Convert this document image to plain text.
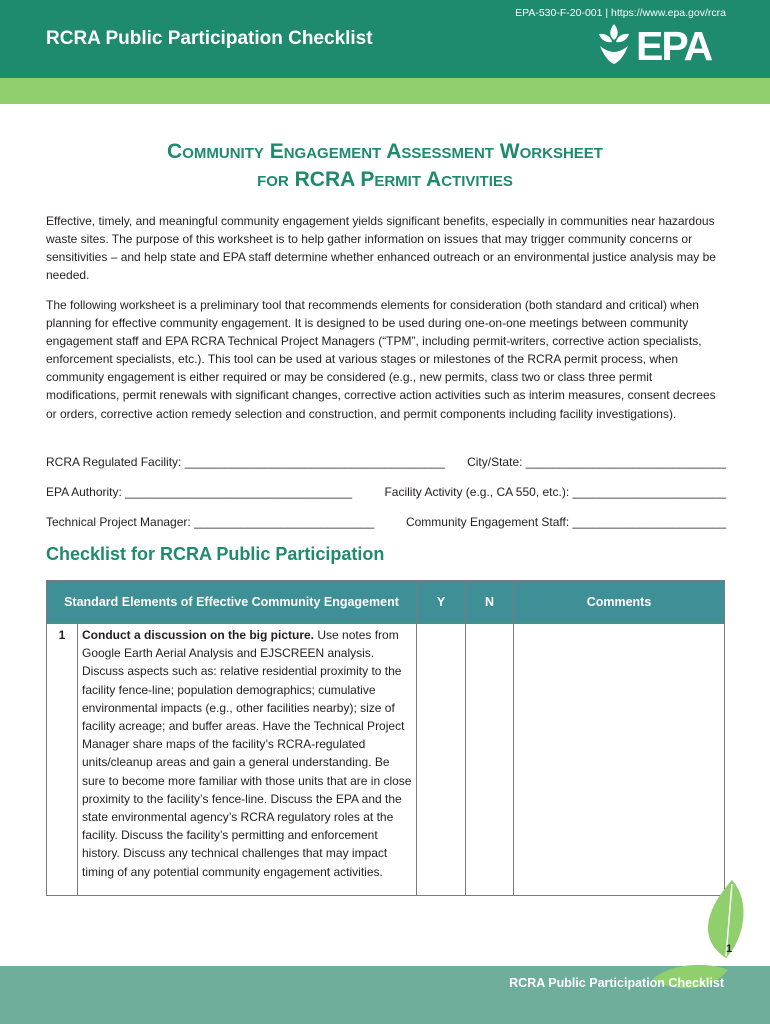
RCRA Public Participation Checklist	EPA
EPA-530-F-20-001 | https://www.epa.gov/rcra
Community Engagement Assessment Worksheet
for RCRA Permit Activities
Effective, timely, and meaningful community engagement yields significant benefits, especially in communities near hazardous waste sites. The purpose of this worksheet is to help gather information on issues that may trigger community concerns or sensitivities – and help state and EPA staff determine whether enhanced outreach or an environmental justice analysis may be needed.
The following worksheet is a preliminary tool that recommends elements for consideration (both standard and critical) when planning for effective community engagement. It is designed to be used during one-on-one meetings between community engagement staff and EPA RCRA Technical Project Managers (“TPM”, including permit-writers, corrective action specialists, enforcement specialists, etc.). This tool can be used at various stages or milestones of the RCRA permit process, when community engagement is either required or may be considered (e.g., new permits, class two or class three permit modifications, permit renewals with significant changes, corrective action activities such as interim measures, consent decrees or orders, corrective action remedy selection and construction, and permit components including facility investigations).
RCRA Regulated Facility: _______________________________________ City/State: ______________________________
EPA Authority: __________________________________	Facility Activity (e.g., CA 550, etc.): _______________________
Technical Project Manager: ___________________________	Community Engagement Staff: _______________________
Checklist for RCRA Public Participation
Standard Elements of Effective Community Engagement		Y	N	Comments
1	Conduct a discussion on the big picture. Use notes from Google Earth Aerial Analysis and EJSCREEN analysis. Discuss aspects such as: relative residential proximity to the facility fence-line; population demographics; cumulative environmental impacts (e.g., other facilities nearby); size of facility acreage; and buffer areas. Have the Technical Project Manager share maps of the facility’s RCRA-regulated units/cleanup areas and gain a general understanding. Be sure to become more familiar with those units that are in close proximity to the facility’s fence-line. Discuss the EPA and the state environmental agency’s RCRA regulatory roles at the facility. Discuss the facility’s permitting and enforcement history. Discuss any technical challenges that may impact timing of any potential community engagement activities.			
1
RCRA Public Participation Checklist
